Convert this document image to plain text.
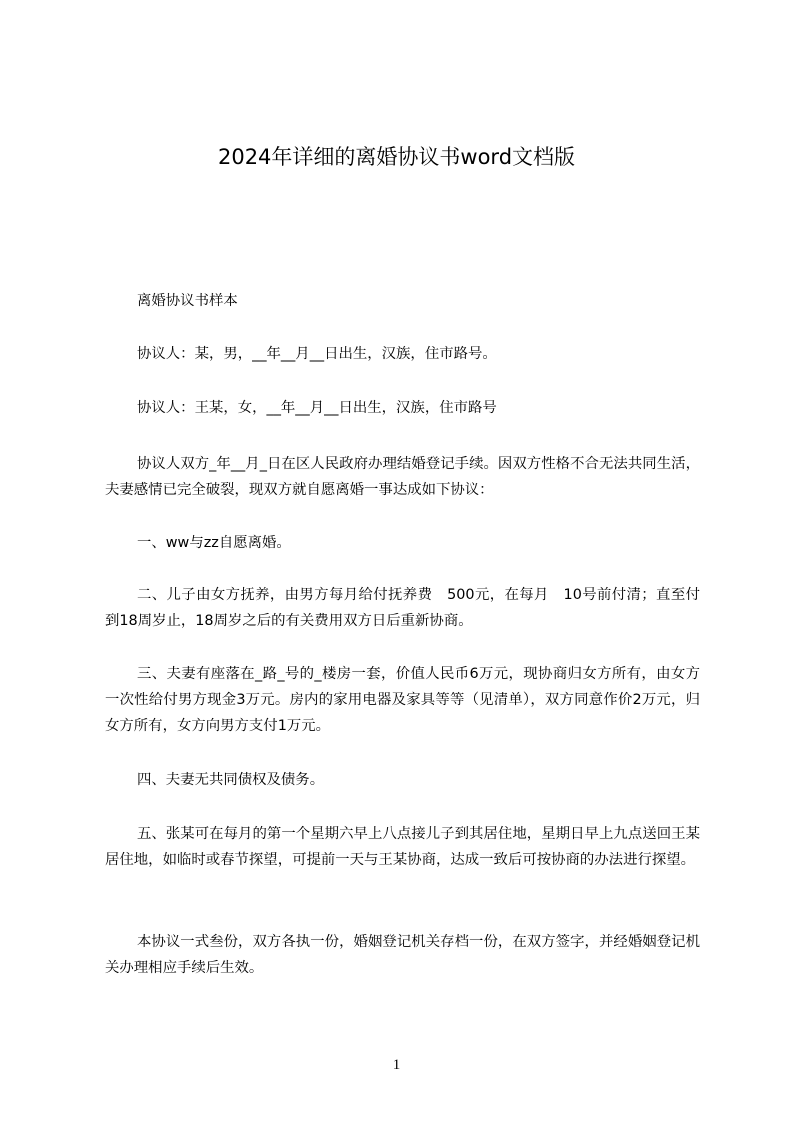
2024年详细的离婚协议书word文档版

离婚协议书样本

协议人：某，男，__年__月__日出生，汉族，住市路号。

协议人：王某，女，__年__月__日出生，汉族，住市路号

协议人双方_年__月_日在区人民政府办理结婚登记手续。因双方性格不合无法共同生活，夫妻感情已完全破裂，现双方就自愿离婚一事达成如下协议：

一、ww与zz自愿离婚。

二、儿子由女方抚养，由男方每月给付抚养费　500元，在每月　10号前付清；直至付到18周岁止，18周岁之后的有关费用双方日后重新协商。

三、夫妻有座落在_路_号的_楼房一套，价值人民币6万元，现协商归女方所有，由女方一次性给付男方现金3万元。房内的家用电器及家具等等（见清单），双方同意作价2万元，归女方所有，女方向男方支付1万元。

四、夫妻无共同债权及债务。

五、张某可在每月的第一个星期六早上八点接儿子到其居住地，星期日早上九点送回王某居住地，如临时或春节探望，可提前一天与王某协商，达成一致后可按协商的办法进行探望。

本协议一式叁份，双方各执一份，婚姻登记机关存档一份，在双方签字，并经婚姻登记机关办理相应手续后生效。

1
